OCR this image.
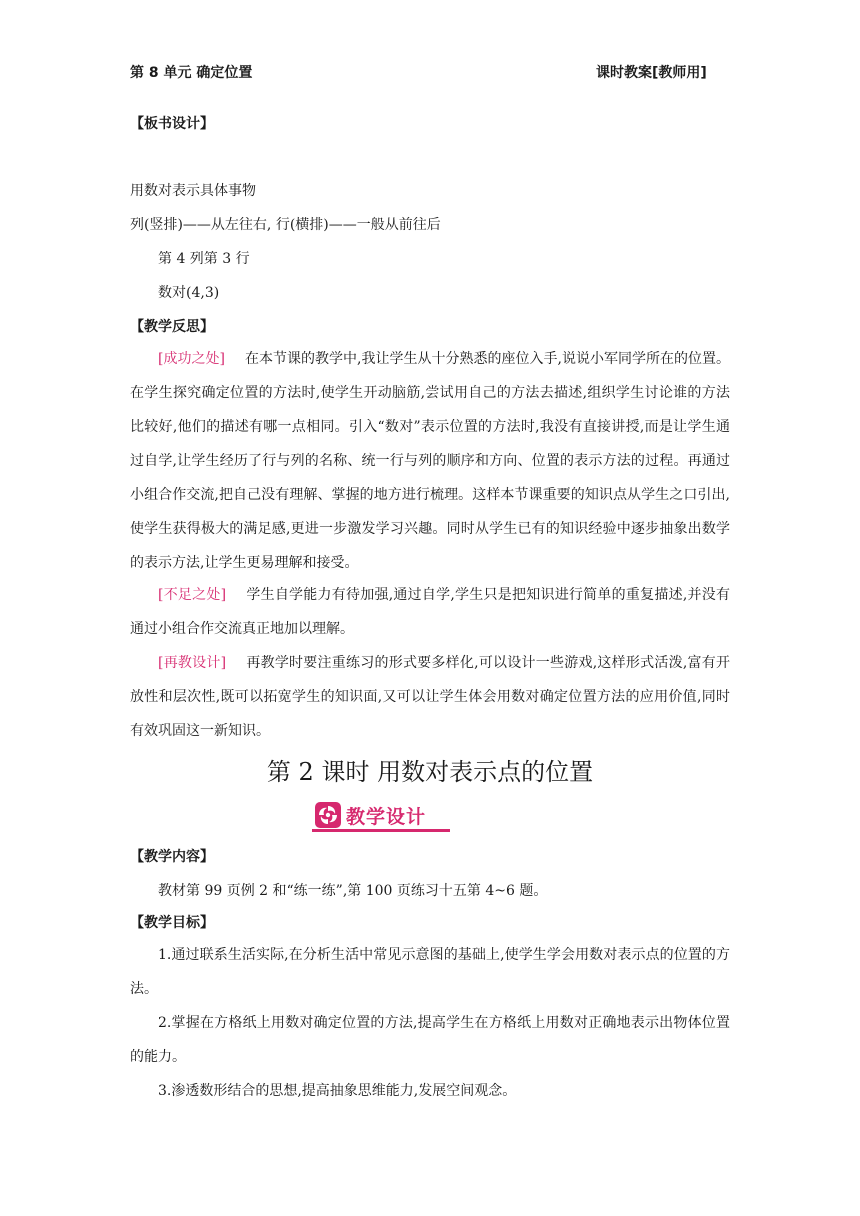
第 8 单元 确定位置	课时教案[教师用]
【板书设计】
用数对表示具体事物
列(竖排)——从左往右, 行(横排)——一般从前往后
第 4 列第 3 行
数对(4,3)
【教学反思】
[成功之处] 在本节课的教学中,我让学生从十分熟悉的座位入手,说说小军同学所在的位置。在学生探究确定位置的方法时,使学生开动脑筋,尝试用自己的方法去描述,组织学生讨论谁的方法比较好,他们的描述有哪一点相同。引入“数对”表示位置的方法时,我没有直接讲授,而是让学生通过自学,让学生经历了行与列的名称、统一行与列的顺序和方向、位置的表示方法的过程。再通过小组合作交流,把自己没有理解、掌握的地方进行梳理。这样本节课重要的知识点从学生之口引出,使学生获得极大的满足感,更进一步激发学习兴趣。同时从学生已有的知识经验中逐步抽象出数学的表示方法,让学生更易理解和接受。
[不足之处] 学生自学能力有待加强,通过自学,学生只是把知识进行简单的重复描述,并没有通过小组合作交流真正地加以理解。
[再教设计] 再教学时要注重练习的形式要多样化,可以设计一些游戏,这样形式活泼,富有开放性和层次性,既可以拓宽学生的知识面,又可以让学生体会用数对确定位置方法的应用价值,同时有效巩固这一新知识。
第 2 课时 用数对表示点的位置
教学设计
【教学内容】
教材第 99 页例 2 和“练一练”,第 100 页练习十五第 4~6 题。
【教学目标】
1.通过联系生活实际,在分析生活中常见示意图的基础上,使学生学会用数对表示点的位置的方法。
2.掌握在方格纸上用数对确定位置的方法,提高学生在方格纸上用数对正确地表示出物体位置的能力。
3.渗透数形结合的思想,提高抽象思维能力,发展空间观念。
